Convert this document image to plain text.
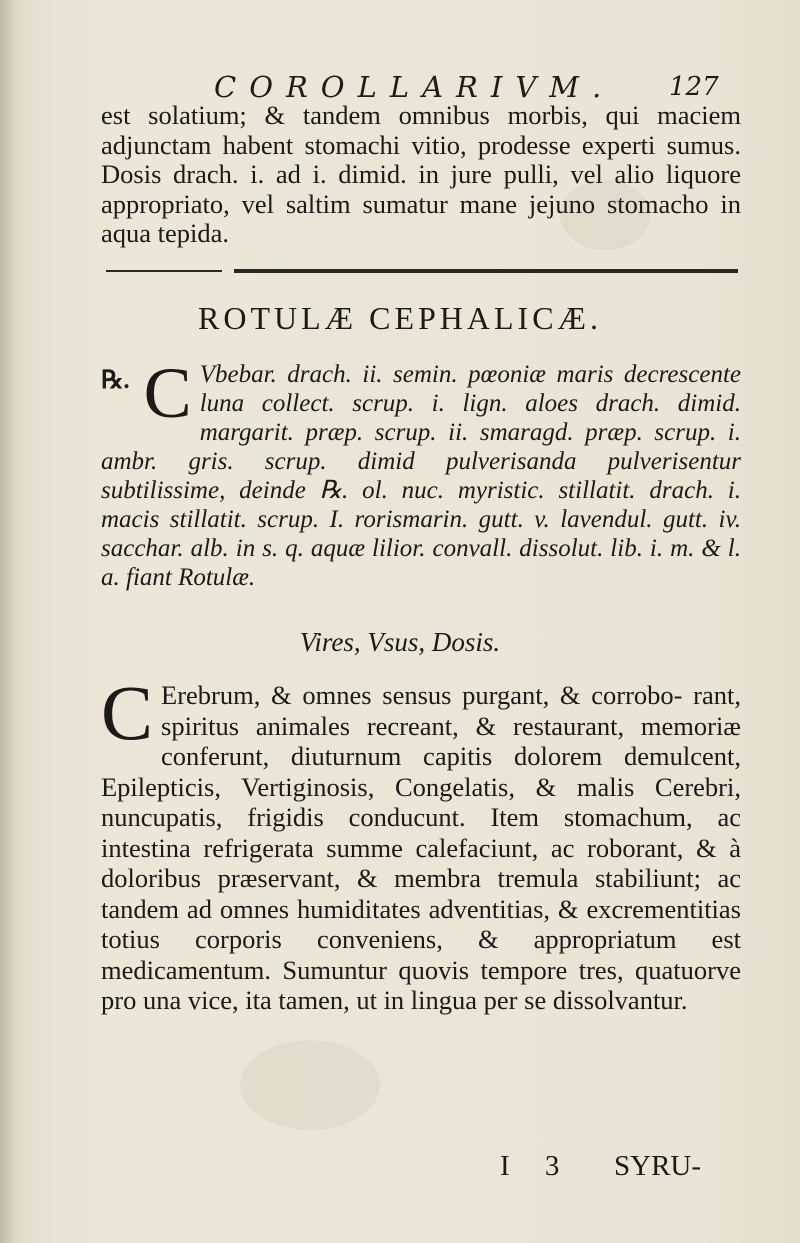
COROLLARIVM. 127

est solatium; & tandem omnibus morbis, qui maciem adjunctam habent stomachi vitio, prodesse experti sumus. Dosis drach. i. ad i. dimid. in jure pulli, vel alio liquore appropriato, vel saltim sumatur mane jejuno stomacho in aqua tepida.

ROTULÆ CEPHALICÆ.
℞. C Vbebar. drach. ii. semin. pœoniæ maris decrescente luna collect. scrup. i. lign. aloes drach. dimid. margarit. præp. scrup. ii. smaragd. præp. scrup. i. ambr. gris. scrup. dimid pulverisanda pulverisentur subtilissime, deinde ℞. ol. nuc. myristic. stillatit. drach. i. macis stillatit. scrup. I. rorismarin. gutt. v. lavendul. gutt. iv. sacchar. alb. in s. q. aquæ lilior. convall. dissolut. lib. i. m. & l. a. fiant Rotulæ.
Vires, Vsus, Dosis.
C Erebrum, & omnes sensus purgant, & corrobo- rant, spiritus animales recreant, & restaurant, memoriæ conferunt, diuturnum capitis dolorem demulcent, Epilepticis, Vertiginosis, Congelatis, & malis Cerebri, nuncupatis, frigidis conducunt. Item stomachum, ac intestina refrigerata summe calefaciunt, ac roborant, & à doloribus præservant, & membra tremula stabiliunt; ac tandem ad omnes humiditates adventitias, & excrementitias totius corporis conveniens, & appropriatum est medicamentum. Sumuntur quovis tempore tres, quatuorve pro una vice, ita tamen, ut in lingua per se dissolvantur.
I 3 SYRU-
